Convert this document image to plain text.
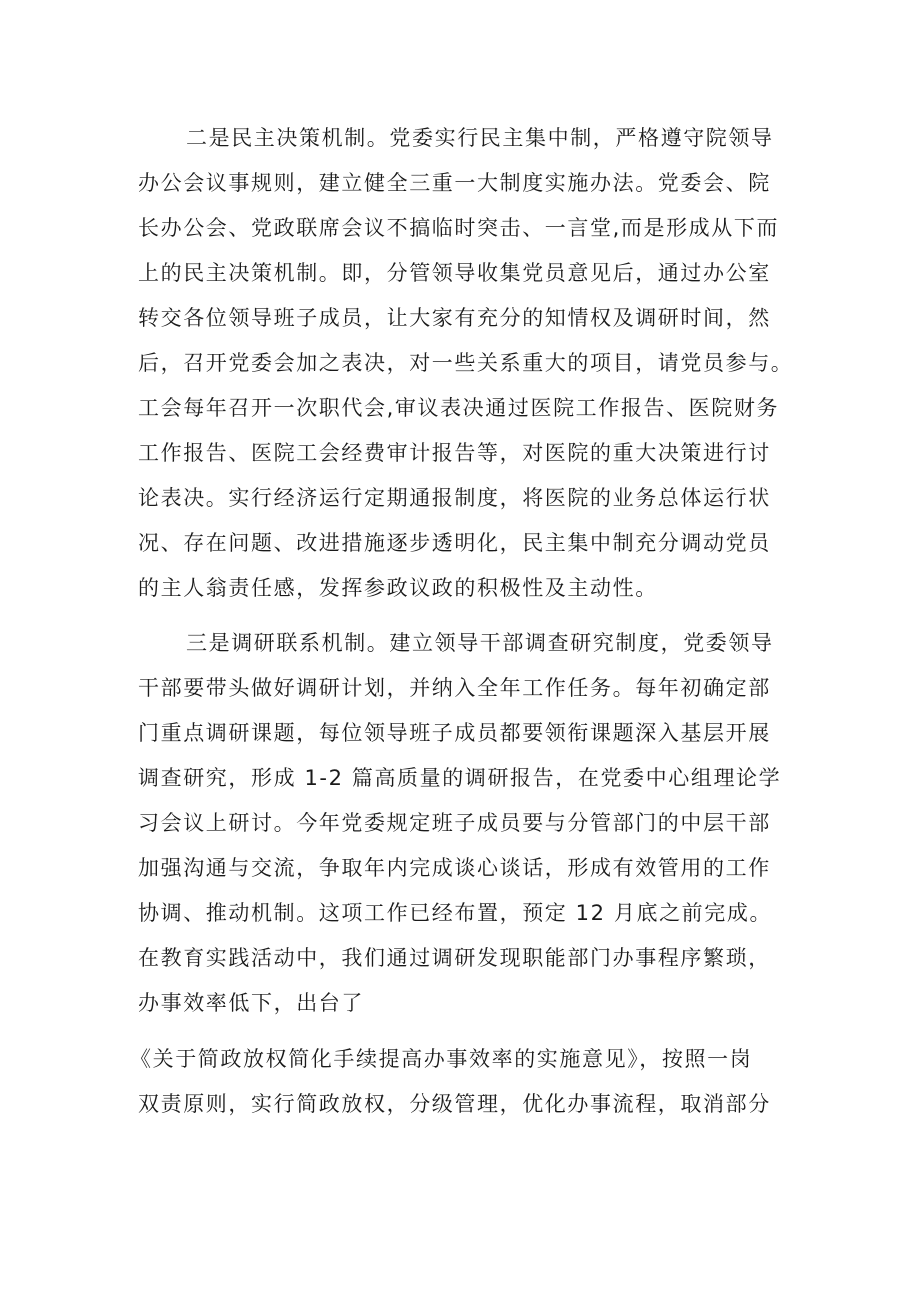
二是民主决策机制。党委实行民主集中制，严格遵守院领导
办公会议事规则，建立健全三重一大制度实施办法。党委会、院
长办公会、党政联席会议不搞临时突击、一言堂,而是形成从下而
上的民主决策机制。即，分管领导收集党员意见后，通过办公室
转交各位领导班子成员，让大家有充分的知情权及调研时间，然
后，召开党委会加之表决，对一些关系重大的项目，请党员参与。
工会每年召开一次职代会,审议表决通过医院工作报告、医院财务
工作报告、医院工会经费审计报告等，对医院的重大决策进行讨
论表决。实行经济运行定期通报制度，将医院的业务总体运行状
况、存在问题、改进措施逐步透明化，民主集中制充分调动党员
的主人翁责任感，发挥参政议政的积极性及主动性。
三是调研联系机制。建立领导干部调查研究制度，党委领导
干部要带头做好调研计划，并纳入全年工作任务。每年初确定部
门重点调研课题，每位领导班子成员都要领衔课题深入基层开展
调查研究，形成 1-2 篇高质量的调研报告，在党委中心组理论学
习会议上研讨。今年党委规定班子成员要与分管部门的中层干部
加强沟通与交流，争取年内完成谈心谈话，形成有效管用的工作
协调、推动机制。这项工作已经布置，预定 12 月底之前完成。
在教育实践活动中，我们通过调研发现职能部门办事程序繁琐，
办事效率低下，出台了
《关于简政放权简化手续提高办事效率的实施意见》，按照一岗
双责原则，实行简政放权，分级管理，优化办事流程，取消部分
